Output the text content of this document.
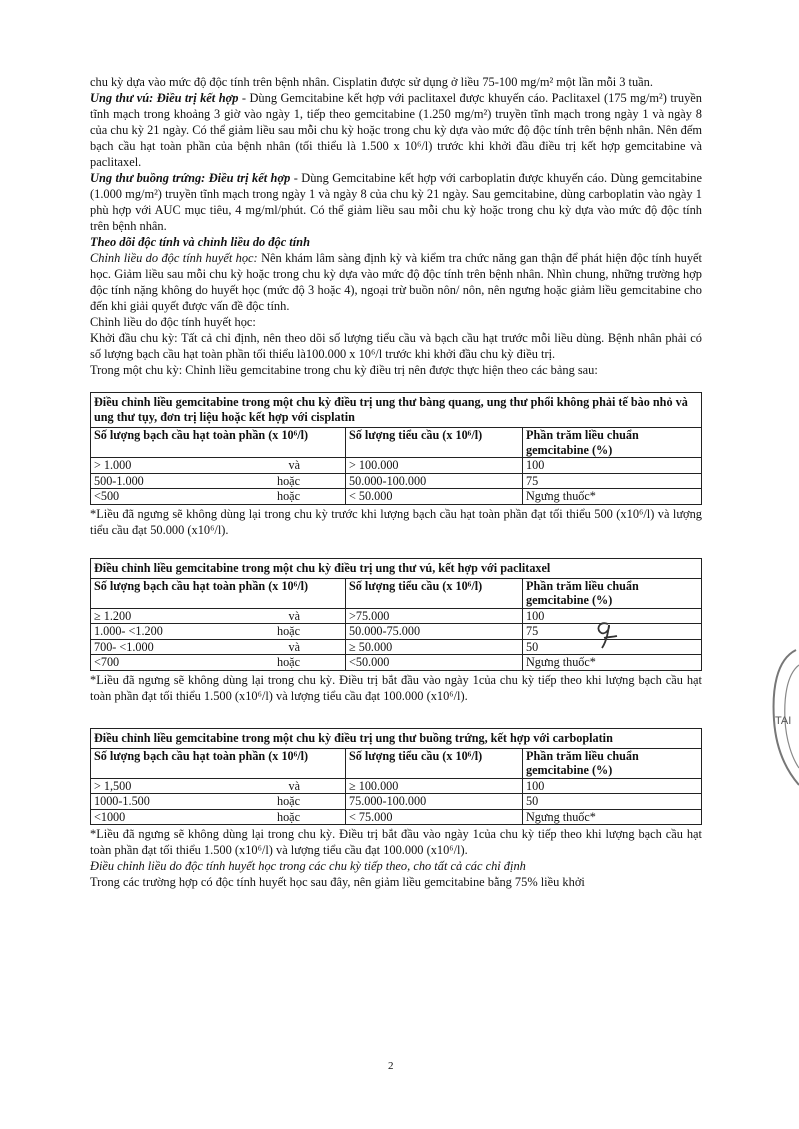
chu kỳ dựa vào mức độ độc tính trên bệnh nhân. Cisplatin được sử dụng ở liều 75-100 mg/m² một lần mỗi 3 tuần.

Ung thư vú: Điều trị kết hợp - Dùng Gemcitabine kết hợp với paclitaxel được khuyến cáo. Paclitaxel (175 mg/m²) truyền tĩnh mạch trong khoảng 3 giờ vào ngày 1, tiếp theo gemcitabine (1.250 mg/m²) truyền tĩnh mạch trong ngày 1 và ngày 8 của chu kỳ 21 ngày. Có thể giảm liều sau mỗi chu kỳ hoặc trong chu kỳ dựa vào mức độ độc tính trên bệnh nhân. Nên đếm bạch cầu hạt toàn phần của bệnh nhân (tối thiểu là 1.500 x 10⁶/l) trước khi khởi đầu điều trị kết hợp gemcitabine và paclitaxel.

Ung thư buồng trứng: Điều trị kết hợp - Dùng Gemcitabine kết hợp với carboplatin được khuyến cáo. Dùng gemcitabine (1.000 mg/m²) truyền tĩnh mạch trong ngày 1 và ngày 8 của chu kỳ 21 ngày. Sau gemcitabine, dùng carboplatin vào ngày 1 phù hợp với AUC mục tiêu, 4 mg/ml/phút. Có thể giảm liều sau mỗi chu kỳ hoặc trong chu kỳ dựa vào mức độ độc tính trên bệnh nhân.

Theo dõi độc tính và chỉnh liều do độc tính

Chỉnh liều do độc tính huyết học: Nên khám lâm sàng định kỳ và kiểm tra chức năng gan thận để phát hiện độc tính huyết học. Giảm liều sau mỗi chu kỳ hoặc trong chu kỳ dựa vào mức độ độc tính trên bệnh nhân. Nhìn chung, những trường hợp độc tính nặng không do huyết học (mức độ 3 hoặc 4), ngoại trừ buồn nôn/ nôn, nên ngưng hoặc giảm liều gemcitabine cho đến khi giải quyết được vấn đề độc tính.

Chỉnh liều do độc tính huyết học:

Khởi đầu chu kỳ: Tất cả chỉ định, nên theo dõi số lượng tiểu cầu và bạch cầu hạt trước mỗi liều dùng. Bệnh nhân phải có số lượng bạch cầu hạt toàn phần tối thiểu là100.000 x 10⁶/l trước khi khởi đầu chu kỳ điều trị.

Trong một chu kỳ: Chỉnh liều gemcitabine trong chu kỳ điều trị nên được thực hiện theo các bảng sau:

Điều chỉnh liều gemcitabine trong một chu kỳ điều trị ung thư bàng quang, ung thư phổi không phải tế bào nhỏ và ung thư tụy, đơn trị liệu hoặc kết hợp với cisplatin		
Số lượng bạch cầu hạt toàn phần (x 10⁶/l)	Số lượng tiểu cầu (x 10⁶/l)	Phần trăm liều chuẩn gemcitabine (%)

> 1.000 và	> 100.000	100

500-1.000 hoặc	50.000-100.000	75

<500 hoặc	< 50.000	Ngưng thuốc*

*Liều đã ngưng sẽ không dùng lại trong chu kỳ trước khi lượng bạch cầu hạt toàn phần đạt tối thiểu 500 (x10⁶/l) và lượng tiểu cầu đạt 50.000 (x10⁶/l).

Điều chỉnh liều gemcitabine trong một chu kỳ điều trị ung thư vú, kết hợp với paclitaxel		
Số lượng bạch cầu hạt toàn phần (x 10⁶/l)	Số lượng tiểu cầu (x 10⁶/l)	Phần trăm liều chuẩn gemcitabine (%)

≥ 1.200 và	>75.000	100

1.000- <1.200 hoặc	50.000-75.000	75

700- <1.000 và	≥ 50.000	50

<700 hoặc	<50.000	Ngưng thuốc*

*Liều đã ngưng sẽ không dùng lại trong chu kỳ. Điều trị bắt đầu vào ngày 1của chu kỳ tiếp theo khi lượng bạch cầu hạt toàn phần đạt tối thiểu 1.500 (x10⁶/l) và lượng tiểu cầu đạt 100.000 (x10⁶/l).

Điều chỉnh liều gemcitabine trong một chu kỳ điều trị ung thư buồng trứng, kết hợp với carboplatin		
Số lượng bạch cầu hạt toàn phần (x 10⁶/l)	Số lượng tiểu cầu (x 10⁶/l)	Phần trăm liều chuẩn gemcitabine (%)

> 1,500 và	≥ 100.000	100

1000-1.500 hoặc	75.000-100.000	50

<1000 hoặc	< 75.000	Ngưng thuốc*

*Liều đã ngưng sẽ không dùng lại trong chu kỳ. Điều trị bắt đầu vào ngày 1của chu kỳ tiếp theo khi lượng bạch cầu hạt toàn phần đạt tối thiểu 1.500 (x10⁶/l) và lượng tiểu cầu đạt 100.000 (x10⁶/l).

Điều chỉnh liều do độc tính huyết học trong các chu kỳ tiếp theo, cho tất cả các chỉ định

Trong các trường hợp có độc tính huyết học sau đây, nên giảm liều gemcitabine bằng 75% liều khởi

2
TAI
